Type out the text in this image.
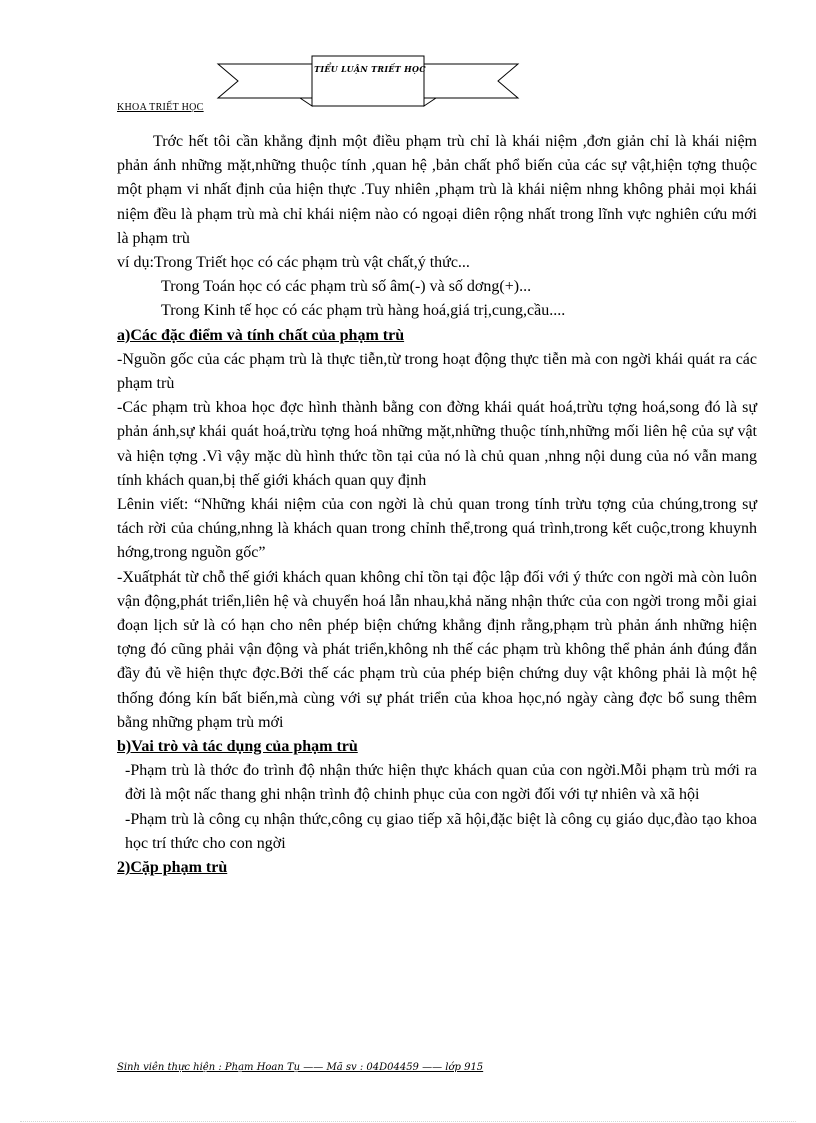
TIỂU LUẬN TRIẾT HỌC
KHOA TRIẾT HỌC

Trớc hết tôi cần khẳng định một điều phạm trù chỉ là khái niệm ,đơn giản chỉ là khái niệm phản ánh những mặt,những thuộc tính ,quan hệ ,bản chất phổ biến của các sự vật,hiện tợng thuộc một phạm vi nhất định của hiện thực .Tuy nhiên ,phạm trù là khái niệm nhng không phải mọi khái niệm đều là phạm trù mà chỉ khái niệm nào có ngoại diên rộng nhất trong lĩnh vực nghiên cứu mới là phạm trù

ví dụ:Trong Triết học có các phạm trù vật chất,ý thức...

Trong Toán học có các phạm trù số âm(-) và số dơng(+)...

Trong Kinh tế học có các phạm trù hàng hoá,giá trị,cung,cầu....

a)Các đặc điểm và tính chất của phạm trù

-Nguồn gốc của các phạm trù là thực tiễn,từ trong hoạt động thực tiễn mà con ngời khái quát ra các phạm trù

-Các phạm trù khoa học đợc hình thành bằng con đờng khái quát hoá,trừu tợng hoá,song đó là sự phản ánh,sự khái quát hoá,trừu tợng hoá những mặt,những thuộc tính,những mối liên hệ của sự vật và hiện tợng .Vì vậy mặc dù hình thức tồn tại của nó là chủ quan ,nhng nội dung của nó vẫn mang tính khách quan,bị thế giới khách quan quy định

Lênin viết: “Những khái niệm của con ngời là chủ quan trong tính trừu tợng của chúng,trong sự tách rời của chúng,nhng là khách quan trong chỉnh thể,trong quá trình,trong kết cuộc,trong khuynh hớng,trong nguồn gốc”

-Xuấtphát từ chỗ thế giới khách quan không chỉ tồn tại độc lập đối với ý thức con ngời mà còn luôn vận động,phát triển,liên hệ và chuyển hoá lẫn nhau,khả năng nhận thức của con ngời trong mỗi giai đoạn lịch sử là có hạn cho nên phép biện chứng khẳng định rằng,phạm trù phản ánh những hiện tợng đó cũng phải vận động và phát triển,không nh thế các phạm trù không thể phản ánh đúng đắn đầy đủ về hiện thực đợc.Bởi thế các phạm trù của phép biện chứng duy vật không phải là một hệ thống đóng kín bất biến,mà cùng với sự phát triển của khoa học,nó ngày càng đợc bổ sung thêm bằng những phạm trù mới

b)Vai trò và tác dụng của phạm trù

-Phạm trù là thớc đo trình độ nhận thức hiện thực khách quan của con ngời.Mỗi phạm trù mới ra đời là một nấc thang ghi nhận trình độ chinh phục của con ngời đối với tự nhiên và xã hội

-Phạm trù là công cụ nhận thức,công cụ giao tiếp xã hội,đặc biệt là công cụ giáo dục,đào tạo khoa học trí thức cho con ngời

2)Cặp phạm trù

Sinh viên thực hiện : Phạm Hoan Tụ —— Mã sv : 04D04459 —— lớp 915
